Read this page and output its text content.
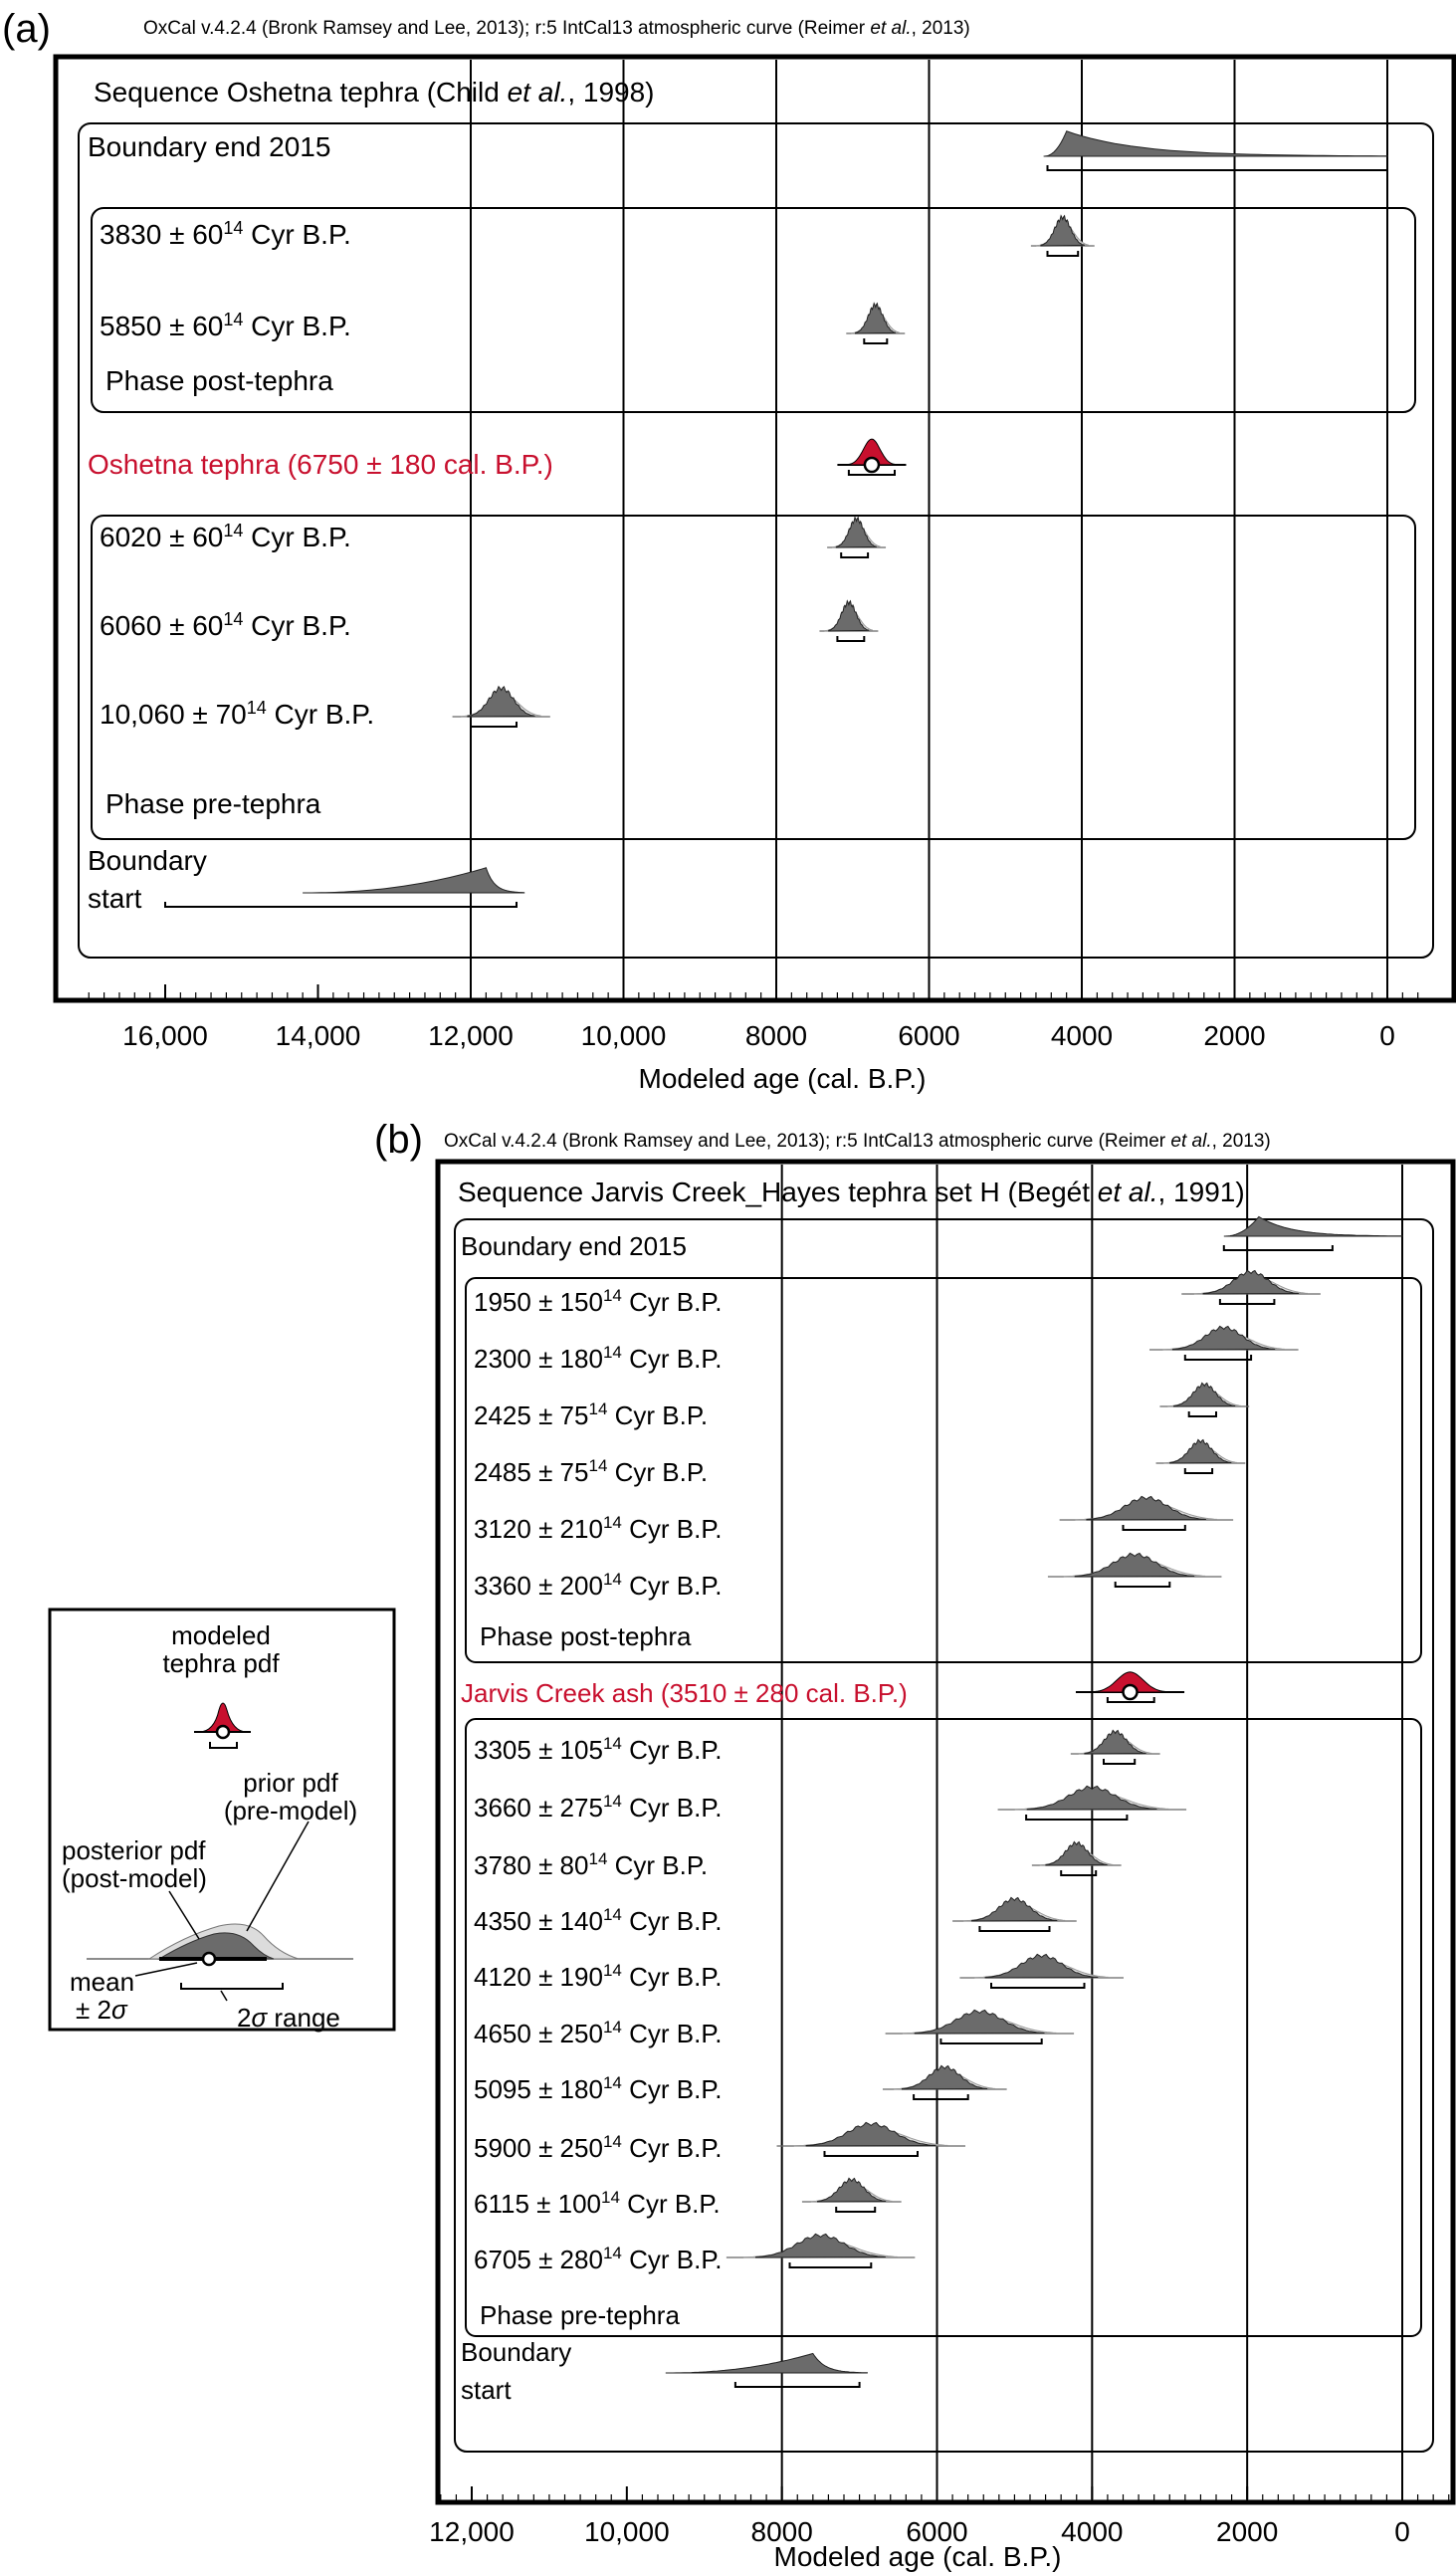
(a)	OxCal v.4.2.4 (Bronk Ramsey and Lee, 2013); r:5 IntCal13 atmospheric curve (Reimer et al., 2013)
Sequence Oshetna tephra (Child et al., 1998)
Boundary end 2015
$3830 \pm 60^{14}$ Cyr B.P.
$5850 \pm 60^{14}$ Cyr B.P.
Phase post-tephra
Oshetna tephra (6750 ± 180 cal. B.P.)
$6020 \pm 60^{14}$ Cyr B.P.
$6060 \pm 60^{14}$ Cyr B.P.
$10,060 \pm 70^{14}$ Cyr B.P.
Phase pre-tephra
Boundary
start
16,000 14,000 12,000 10,000	8000	6000	4000	2000	0
Modeled age (cal. B.P.)
(b) OxCal v.4.2.4 (Bronk Ramsey and Lee, 2013); r:5 IntCal13 atmospheric curve (Reimer et al., 2013)
Sequence Jarvis Creek_Hayes tephra set H (Begét et al., 1991)
Boundary end 2015
$1950 \pm 150^{14}$ Cyr B.P.
$2300 \pm 180^{14}$ Cyr B.P.
$2425 \pm 75^{14}$ Cyr B.P.
$2485 \pm 75^{14}$ Cyr B.P.
$3120 \pm 210^{14}$ Cyr B.P.
$3360 \pm 200^{14}$ Cyr B.P.
Phase post-tephra
Jarvis Creek ash (3510 ± 280 cal. B.P.)
$3305 \pm 105^{14}$ Cyr B.P.
$3660 \pm 275^{14}$ Cyr B.P.
$3780 \pm 80^{14}$ Cyr B.P.
$4350 \pm 140^{14}$ Cyr B.P.
$4120 \pm 190^{14}$ Cyr B.P.
$4650 \pm 250^{14}$ Cyr B.P.
$5095 \pm 180^{14}$ Cyr B.P.
$5900 \pm 250^{14}$ Cyr B.P.
$6115 \pm 100^{14}$ Cyr B.P.
$6705 \pm 280^{14}$ Cyr B.P.
Phase pre-tephra
Boundary
start
12,000	10,000	8000	6000	4000	2000	0
Modeled age (cal. B.P.)
modeled
tephra pdf
prior pdf
(pre-model)
posterior pdf
(post-model)
mean
± 2σ	2σ range
